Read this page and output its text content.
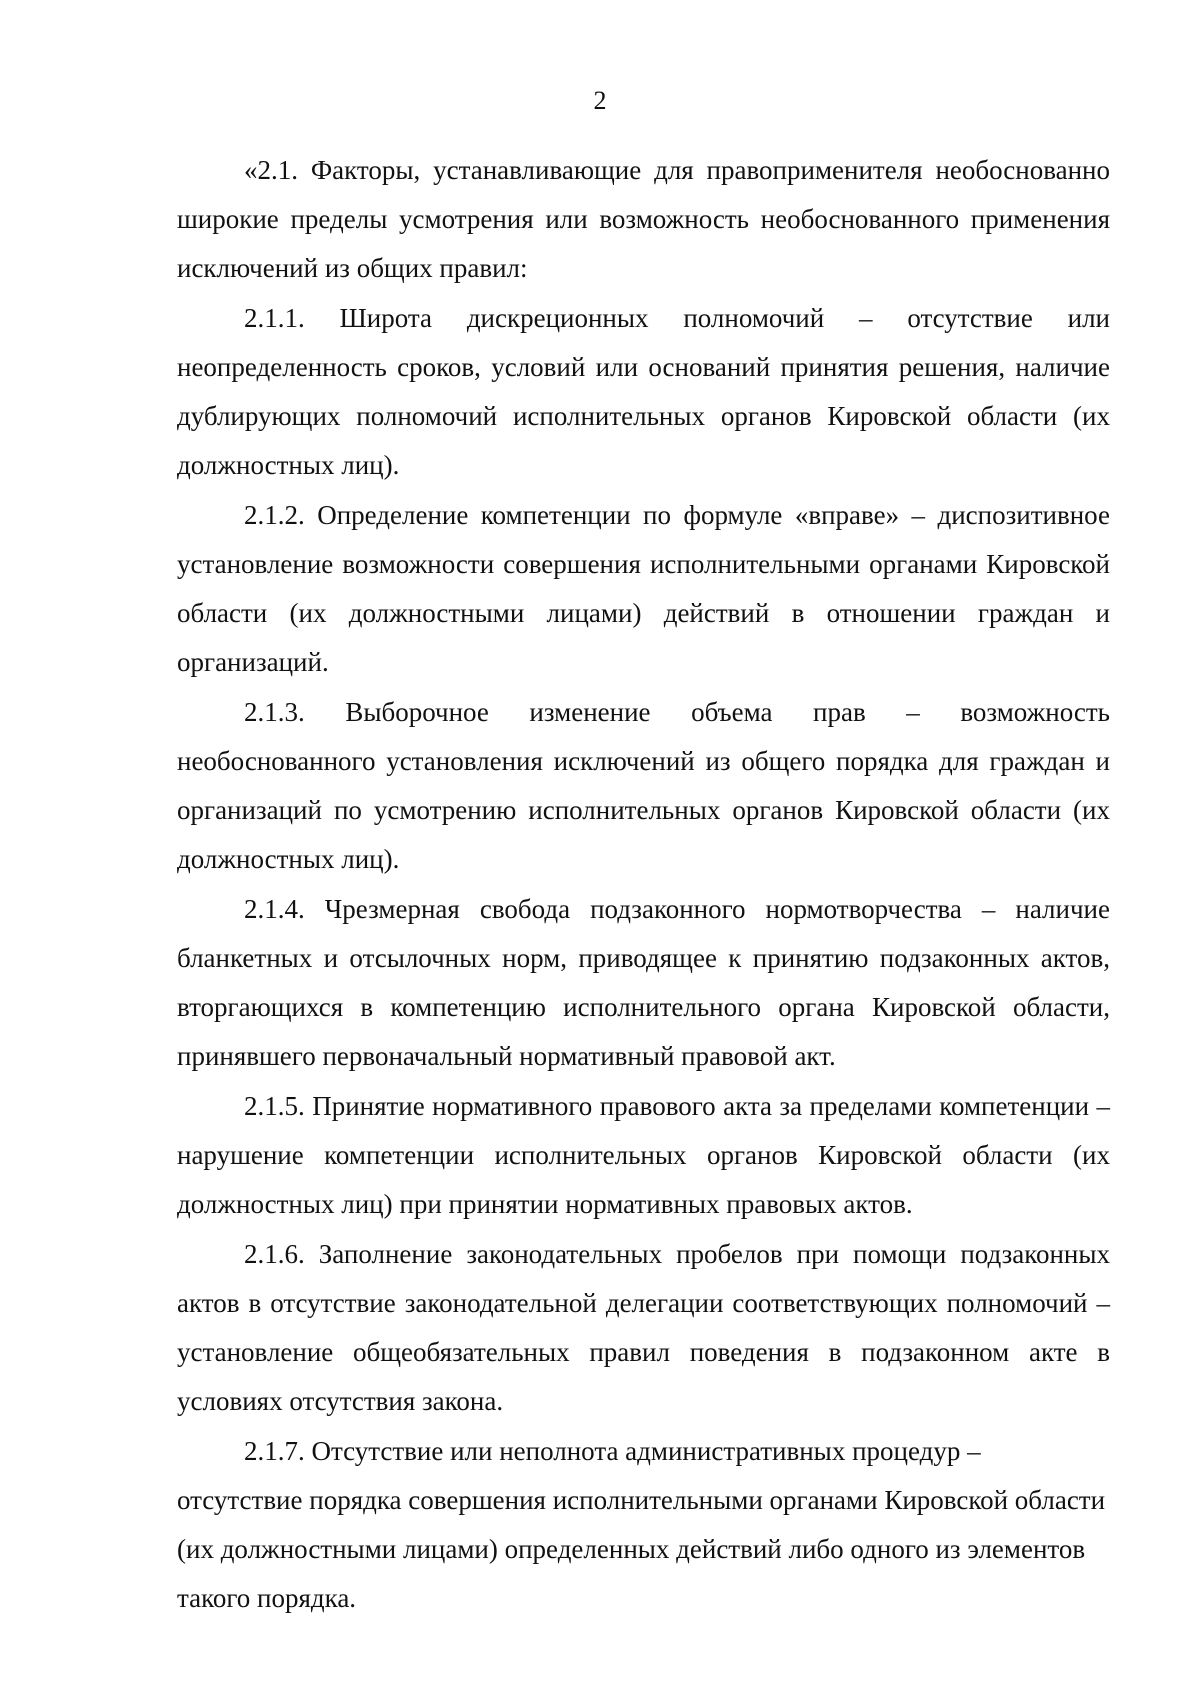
2

«2.1. Факторы, устанавливающие для правоприменителя необоснованно широкие пределы усмотрения или возможность необоснованного применения исключений из общих правил:

2.1.1. Широта дискреционных полномочий – отсутствие или неопределенность сроков, условий или оснований принятия решения, наличие дублирующих полномочий исполнительных органов Кировской области (их должностных лиц).

2.1.2. Определение компетенции по формуле «вправе» – диспозитивное установление возможности совершения исполнительными органами Кировской области (их должностными лицами) действий в отношении граждан и организаций.

2.1.3. Выборочное изменение объема прав – возможность необоснованного установления исключений из общего порядка для граждан и организаций по усмотрению исполнительных органов Кировской области (их должностных лиц).

2.1.4. Чрезмерная свобода подзаконного нормотворчества – наличие бланкетных и отсылочных норм, приводящее к принятию подзаконных актов, вторгающихся в компетенцию исполнительного органа Кировской области, принявшего первоначальный нормативный правовой акт.

2.1.5. Принятие нормативного правового акта за пределами компетенции – нарушение компетенции исполнительных органов Кировской области (их должностных лиц) при принятии нормативных правовых актов.

2.1.6. Заполнение законодательных пробелов при помощи подзаконных актов в отсутствие законодательной делегации соответствующих полномочий – установление общеобязательных правил поведения в подзаконном акте в условиях отсутствия закона.

2.1.7. Отсутствие или неполнота административных процедур – отсутствие порядка совершения исполнительными органами Кировской области (их должностными лицами) определенных действий либо одного из элементов такого порядка.
